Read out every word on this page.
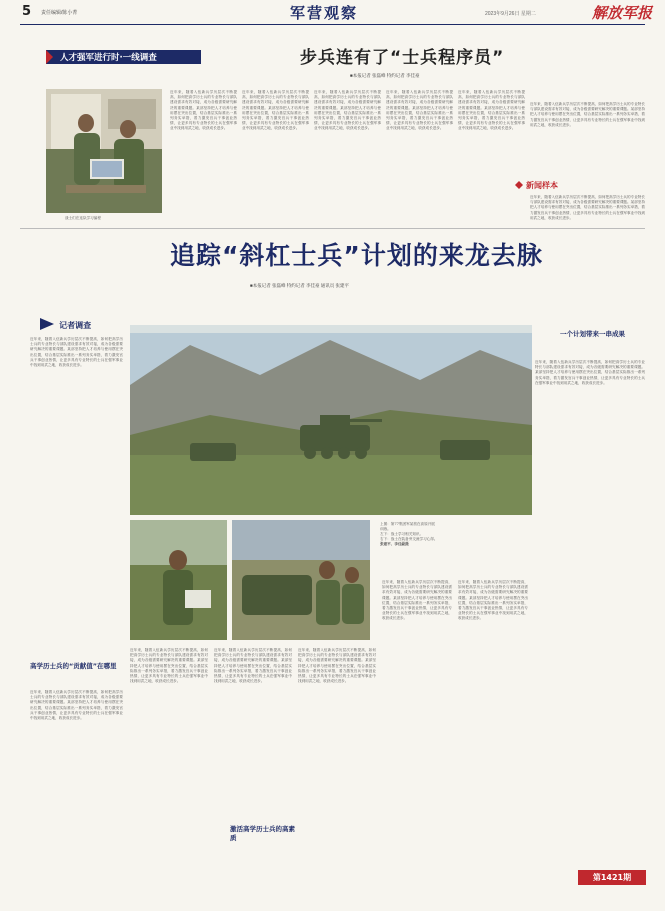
5 责任编辑/陈小菁	军营观察	2023年9月26日 星期二	解放军报
人才强军进行时·一线调查	步兵连有了“士兵程序员”
■本报记者 张磊峰 特约记者 李佳豪
战士们在连队学习编程
近年来，随着入伍新兵学历层次不断提高，如何把高学历士兵的专业特长与部队建设需求有效对接，成为各级需要研究解决的重要课题。某部坚持把人才培养与使用摆在突出位置，结合基层实际推出一系列务实举措，着力激发官兵干事创业热情，让更多具有专业特长的士兵在强军事业中找到用武之地，收获成长进步。
近年来，随着入伍新兵学历层次不断提高，如何把高学历士兵的专业特长与部队建设需求有效对接，成为各级需要研究解决的重要课题。某部坚持把人才培养与使用摆在突出位置，结合基层实际推出一系列务实举措，着力激发官兵干事创业热情，让更多具有专业特长的士兵在强军事业中找到用武之地，收获成长进步。
近年来，随着入伍新兵学历层次不断提高，如何把高学历士兵的专业特长与部队建设需求有效对接，成为各级需要研究解决的重要课题。某部坚持把人才培养与使用摆在突出位置，结合基层实际推出一系列务实举措，着力激发官兵干事创业热情，让更多具有专业特长的士兵在强军事业中找到用武之地，收获成长进步。
近年来，随着入伍新兵学历层次不断提高，如何把高学历士兵的专业特长与部队建设需求有效对接，成为各级需要研究解决的重要课题。某部坚持把人才培养与使用摆在突出位置，结合基层实际推出一系列务实举措，着力激发官兵干事创业热情，让更多具有专业特长的士兵在强军事业中找到用武之地，收获成长进步。
近年来，随着入伍新兵学历层次不断提高，如何把高学历士兵的专业特长与部队建设需求有效对接，成为各级需要研究解决的重要课题。某部坚持把人才培养与使用摆在突出位置，结合基层实际推出一系列务实举措，着力激发官兵干事创业热情，让更多具有专业特长的士兵在强军事业中找到用武之地，收获成长进步。
近年来，随着入伍新兵学历层次不断提高，如何把高学历士兵的专业特长与部队建设需求有效对接，成为各级需要研究解决的重要课题。某部坚持把人才培养与使用摆在突出位置，结合基层实际推出一系列务实举措，着力激发官兵干事创业热情，让更多具有专业特长的士兵在强军事业中找到用武之地，收获成长进步。
新闻样本
近年来，随着入伍新兵学历层次不断提高，如何把高学历士兵的专业特长与部队建设需求有效对接，成为各级需要研究解决的重要课题。某部坚持把人才培养与使用摆在突出位置，结合基层实际推出一系列务实举措，着力激发官兵干事创业热情，让更多具有专业特长的士兵在强军事业中找到用武之地，收获成长进步。
追踪“斜杠士兵”计划的来龙去脉
■本报记者 张磊峰 特约记者 李佳豪 通讯员 张建平
记者调查
近年来，随着入伍新兵学历层次不断提高，如何把高学历士兵的专业特长与部队建设需求有效对接，成为各级需要研究解决的重要课题。某部坚持把人才培养与使用摆在突出位置，结合基层实际推出一系列务实举措，着力激发官兵干事创业热情，让更多具有专业特长的士兵在强军事业中找到用武之地，收获成长进步。
高学历士兵的“贡献值”在哪里
近年来，随着入伍新兵学历层次不断提高，如何把高学历士兵的专业特长与部队建设需求有效对接，成为各级需要研究解决的重要课题。某部坚持把人才培养与使用摆在突出位置，结合基层实际推出一系列务实举措，着力激发官兵干事创业热情，让更多具有专业特长的士兵在强军事业中找到用武之地，收获成长进步。
上图：第77集团军某旅在高原开展
训练。
左下：战士学习相关知识。
右下：战士在装备旁交流学习心得。
张建平、李佳豪摄
近年来，随着入伍新兵学历层次不断提高，如何把高学历士兵的专业特长与部队建设需求有效对接，成为各级需要研究解决的重要课题。某部坚持把人才培养与使用摆在突出位置，结合基层实际推出一系列务实举措，着力激发官兵干事创业热情，让更多具有专业特长的士兵在强军事业中找到用武之地，收获成长进步。
近年来，随着入伍新兵学历层次不断提高，如何把高学历士兵的专业特长与部队建设需求有效对接，成为各级需要研究解决的重要课题。某部坚持把人才培养与使用摆在突出位置，结合基层实际推出一系列务实举措，着力激发官兵干事创业热情，让更多具有专业特长的士兵在强军事业中找到用武之地，收获成长进步。
近年来，随着入伍新兵学历层次不断提高，如何把高学历士兵的专业特长与部队建设需求有效对接，成为各级需要研究解决的重要课题。某部坚持把人才培养与使用摆在突出位置，结合基层实际推出一系列务实举措，着力激发官兵干事创业热情，让更多具有专业特长的士兵在强军事业中找到用武之地，收获成长进步。
近年来，随着入伍新兵学历层次不断提高，如何把高学历士兵的专业特长与部队建设需求有效对接，成为各级需要研究解决的重要课题。某部坚持把人才培养与使用摆在突出位置，结合基层实际推出一系列务实举措，着力激发官兵干事创业热情，让更多具有专业特长的士兵在强军事业中找到用武之地，收获成长进步。
近年来，随着入伍新兵学历层次不断提高，如何把高学历士兵的专业特长与部队建设需求有效对接，成为各级需要研究解决的重要课题。某部坚持把人才培养与使用摆在突出位置，结合基层实际推出一系列务实举措，着力激发官兵干事创业热情，让更多具有专业特长的士兵在强军事业中找到用武之地，收获成长进步。
激活高学历士兵的高素质
一个计划带来一串成果
近年来，随着入伍新兵学历层次不断提高，如何把高学历士兵的专业特长与部队建设需求有效对接，成为各级需要研究解决的重要课题。某部坚持把人才培养与使用摆在突出位置，结合基层实际推出一系列务实举措，着力激发官兵干事创业热情，让更多具有专业特长的士兵在强军事业中找到用武之地，收获成长进步。
第1421期
